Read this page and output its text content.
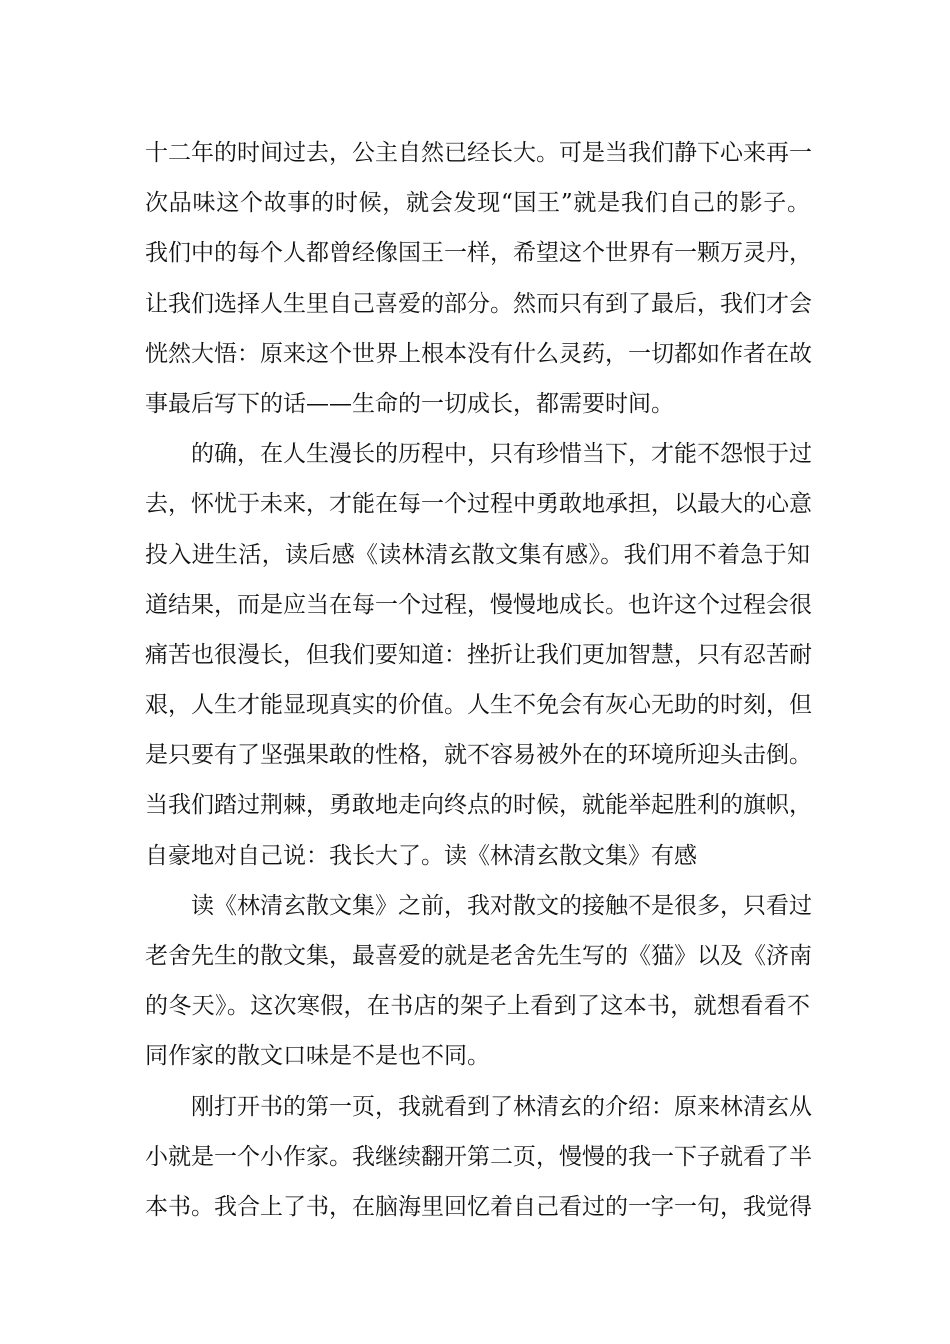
十二年的时间过去，公主自然已经长大。可是当我们静下心来再一
次品味这个故事的时候，就会发现“国王”就是我们自己的影子。
我们中的每个人都曾经像国王一样，希望这个世界有一颗万灵丹，
让我们选择人生里自己喜爱的部分。然而只有到了最后，我们才会
恍然大悟：原来这个世界上根本没有什么灵药，一切都如作者在故
事最后写下的话——生命的一切成长，都需要时间。
的确，在人生漫长的历程中，只有珍惜当下，才能不怨恨于过
去，怀忧于未来，才能在每一个过程中勇敢地承担，以最大的心意
投入进生活，读后感《读林清玄散文集有感》。我们用不着急于知
道结果，而是应当在每一个过程，慢慢地成长。也许这个过程会很
痛苦也很漫长，但我们要知道：挫折让我们更加智慧，只有忍苦耐
艰，人生才能显现真实的价值。人生不免会有灰心无助的时刻，但
是只要有了坚强果敢的性格，就不容易被外在的环境所迎头击倒。
当我们踏过荆棘，勇敢地走向终点的时候，就能举起胜利的旗帜，
自豪地对自己说：我长大了。读《林清玄散文集》有感
读《林清玄散文集》之前，我对散文的接触不是很多，只看过
老舍先生的散文集，最喜爱的就是老舍先生写的《猫》以及《济南
的冬天》。这次寒假，在书店的架子上看到了这本书，就想看看不
同作家的散文口味是不是也不同。
刚打开书的第一页，我就看到了林清玄的介绍：原来林清玄从
小就是一个小作家。我继续翻开第二页，慢慢的我一下子就看了半
本书。我合上了书，在脑海里回忆着自己看过的一字一句，我觉得
